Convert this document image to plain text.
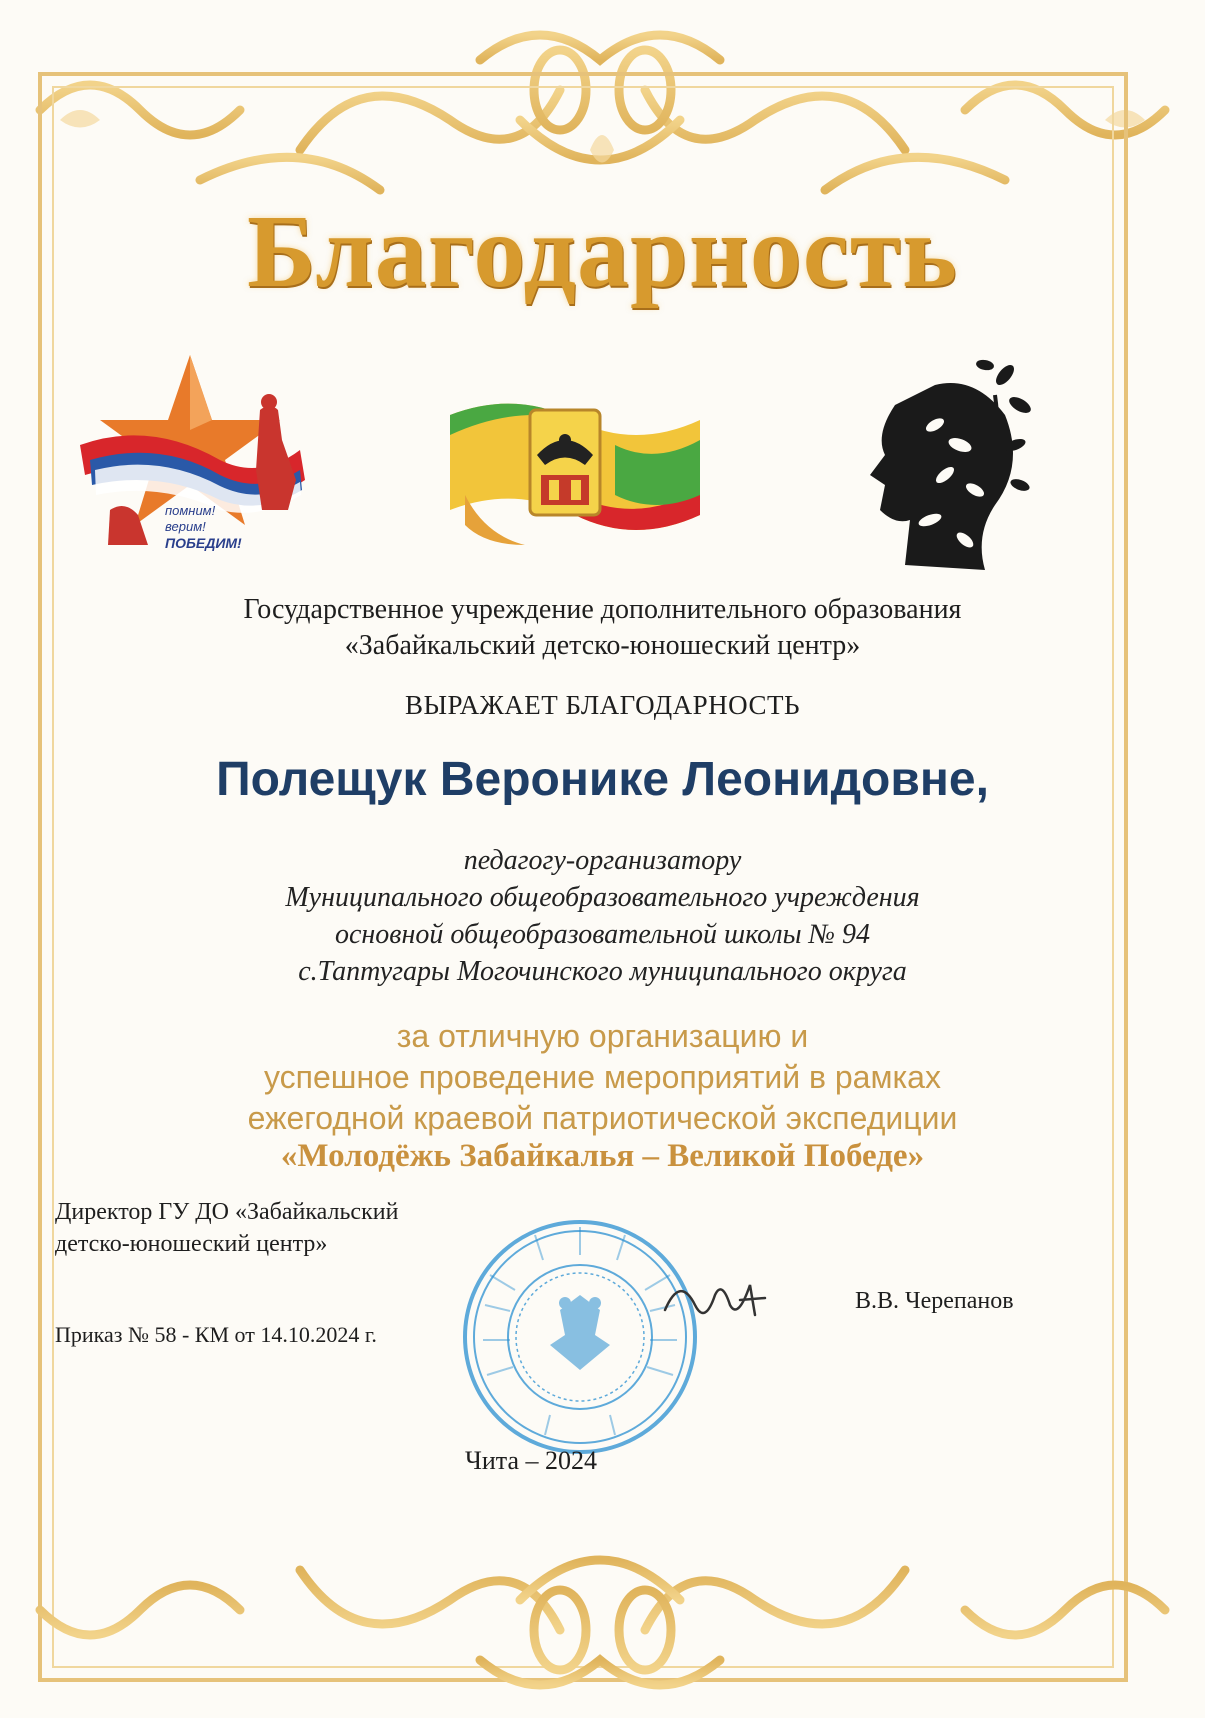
Благодарность
помним!
верим!
ПОБЕДИМ!
Государственное учреждение дополнительного образования
«Забайкальский детско-юношеский центр»
ВЫРАЖАЕТ БЛАГОДАРНОСТЬ
Полещук Веронике Леонидовне,
педагогу-организатору
Муниципального общеобразовательного учреждения
основной общеобразовательной школы № 94
с.Таптугары Могочинского муниципального округа
за отличную организацию и
успешное проведение мероприятий в рамках
ежегодной краевой патриотической экспедиции
«Молодёжь Забайкалья – Великой Победе»
Директор ГУ ДО «Забайкальский
детско-юношеский центр»
В.В. Черепанов
Приказ № 58 - КМ от 14.10.2024 г.
Чита – 2024
